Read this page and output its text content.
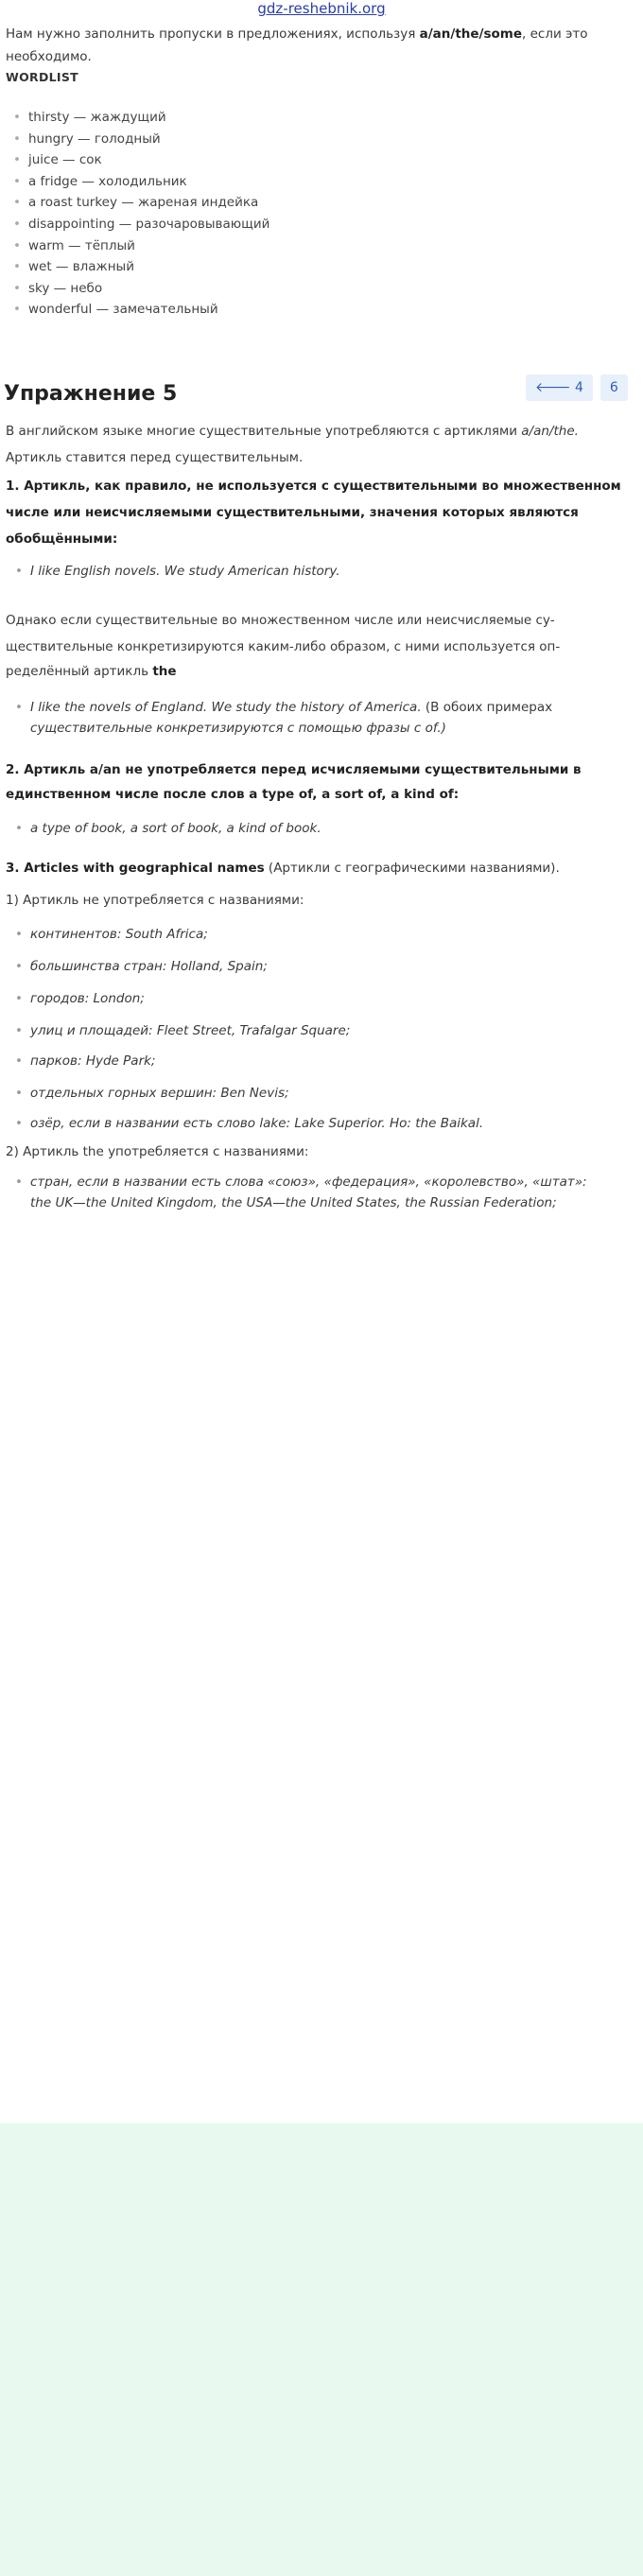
gdz-reshebnik.org
Нам нужно заполнить пропуски в предложениях, используя a/an/the/some, если это
необходимо.
WORDLIST
• thirsty — жаждущий
• hungry — голодный
• juice — сок
• a fridge — холодильник
• a roast turkey — жареная индейка
• disappointing — разочаровывающий
• warm — тёплый
• wet — влажный
• sky — небо
• wonderful — замечательный
Упражнение 5	🡐 4	6
В английском языке многие существительные употребляются с артиклями a/an/the.
Артикль ставится перед существительным.
1. Артикль, как правило, не используется с существительными во множественном
числе или неисчисляемыми существительными, значения которых являются
обобщёнными:
• I like English novels. We study American history.
Однако если существительные во множественном числе или неисчисляемые су-
ществительные конкретизируются каким-либо образом, с ними используется оп-
ределённый артикль the
• I like the novels of England. We study the history of America. (В обоих примерах
существительные конкретизируются с помощью фразы с of.)
2. Артикль a/an не употребляется перед исчисляемыми существительными в
единственном числе после слов a type of, a sort of, a kind of:
• a type of book, a sort of book, a kind of book.
3. Articles with geographical names (Артикли с географическими названиями).
1) Артикль не употребляется с названиями:
• континентов: South Africa;
• большинства стран: Holland, Spain;
• городов: London;
• улиц и площадей: Fleet Street, Trafalgar Square;
• парков: Hyde Park;
• отдельных горных вершин: Ben Nevis;
• озёр, если в названии есть слово lake: Lake Superior. Но: the Baikal.
2) Артикль the употребляется с названиями:
• стран, если в названии есть слова «союз», «федерация», «королевство», «штат»:
the UK—the United Kingdom, the USA—the United States, the Russian Federation;
